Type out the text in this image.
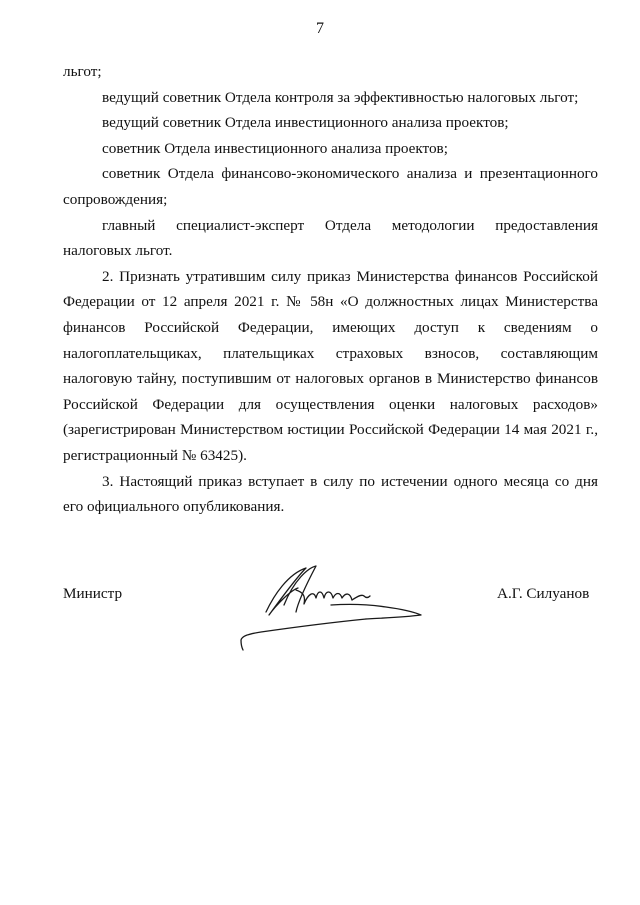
7

льгот;

ведущий советник Отдела контроля за эффективностью налоговых льгот;

ведущий советник Отдела инвестиционного анализа проектов;

советник Отдела инвестиционного анализа проектов;

советник Отдела финансово-экономического анализа и презентационного сопровождения;

главный специалист-эксперт Отдела методологии предоставления налоговых льгот.

2. Признать утратившим силу приказ Министерства финансов Российской Федерации от 12 апреля 2021 г. № 58н «О должностных лицах Министерства финансов Российской Федерации, имеющих доступ к сведениям о налогоплательщиках, плательщиках страховых взносов, составляющим налоговую тайну, поступившим от налоговых органов в Министерство финансов Российской Федерации для осуществления оценки налоговых расходов» (зарегистрирован Министерством юстиции Российской Федерации 14 мая 2021 г., регистрационный № 63425).

3. Настоящий приказ вступает в силу по истечении одного месяца со дня его официального опубликования.

Министр	А.Г. Силуанов
